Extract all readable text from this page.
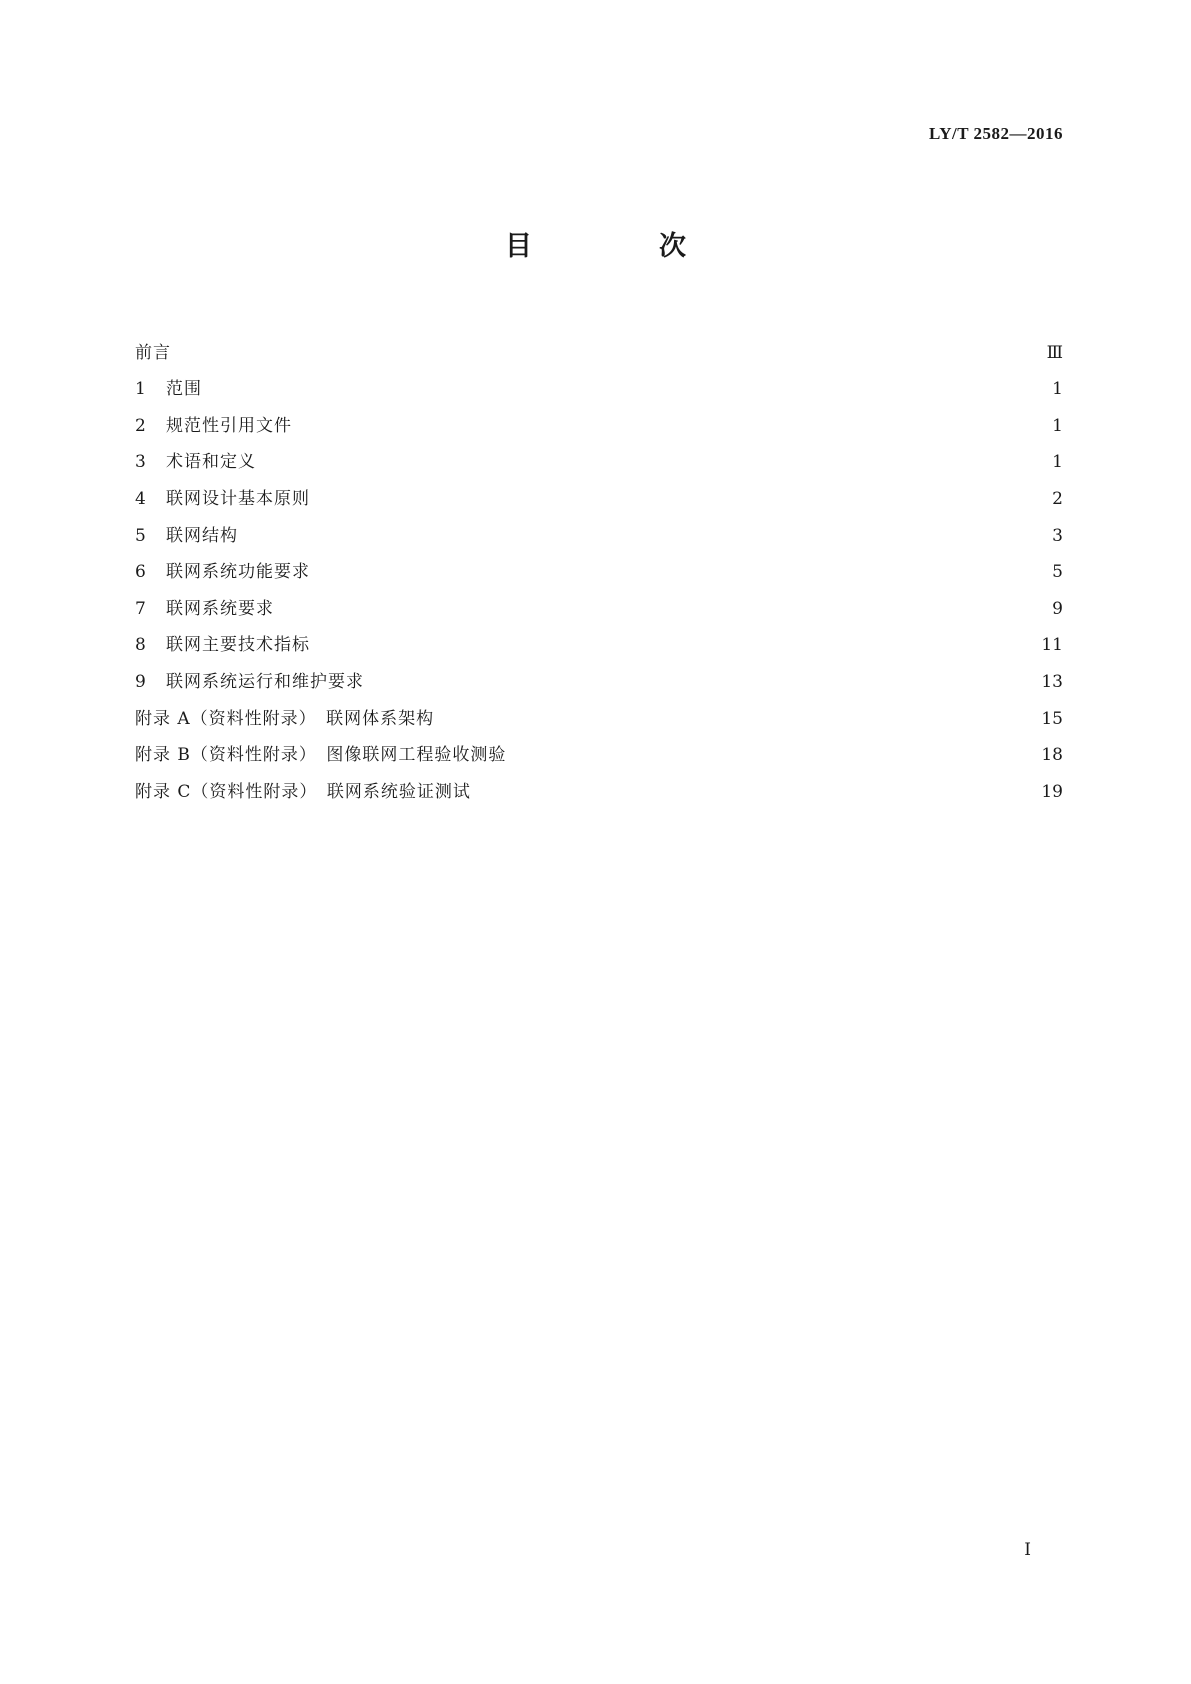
LY/T 2582—2016
目　次
前言	Ⅲ
1	范围	1
2	规范性引用文件	1
3	术语和定义	1
4	联网设计基本原则	2
5	联网结构	3
6	联网系统功能要求	5
7	联网系统要求	9
8	联网主要技术指标	11
9	联网系统运行和维护要求	13
附录 A（资料性附录）　联网体系架构	15
附录 B（资料性附录）　图像联网工程验收测验	18
附录 C（资料性附录）　联网系统验证测试	19
I
